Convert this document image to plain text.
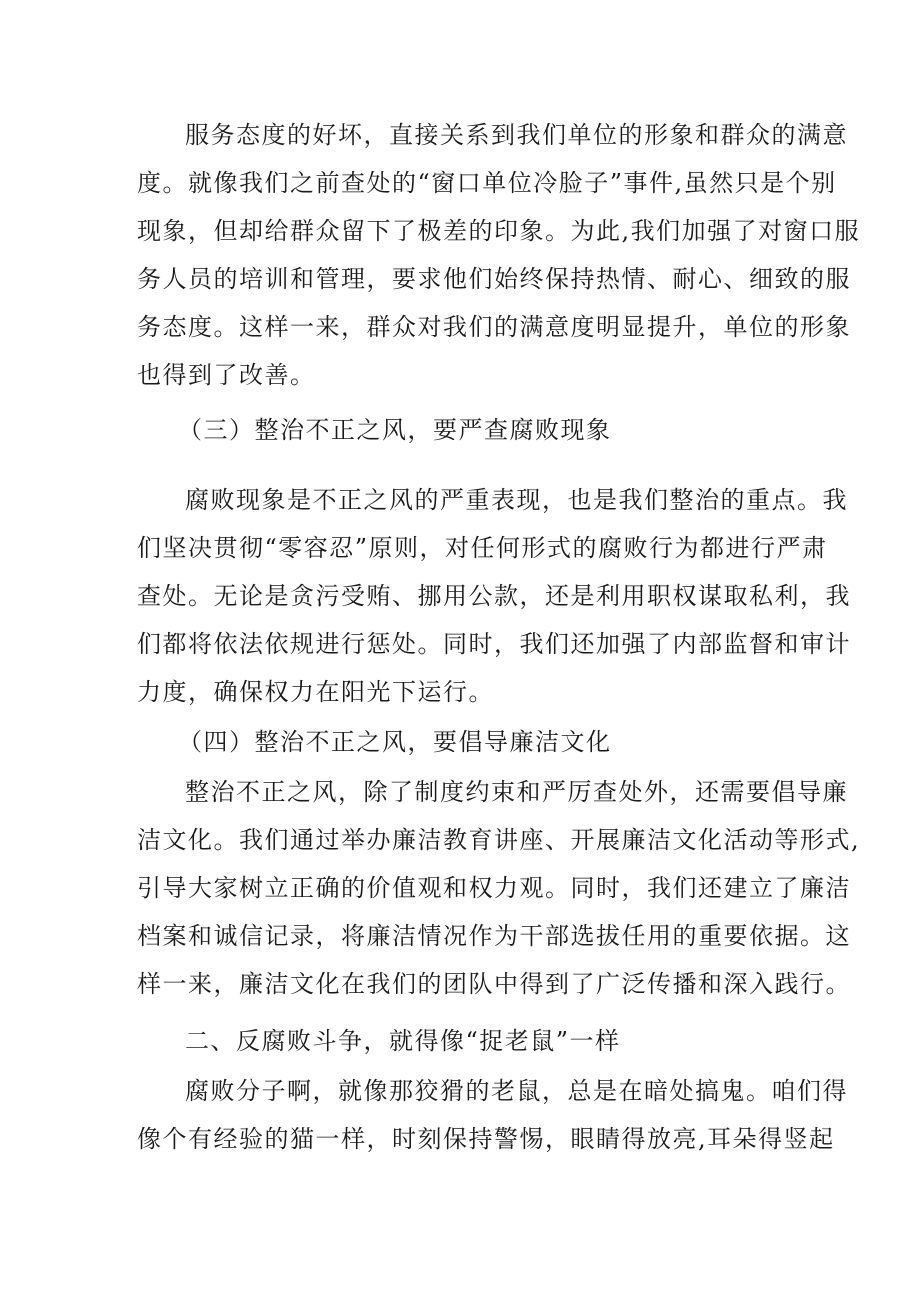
服务态度的好坏，直接关系到我们单位的形象和群众的满意
度。就像我们之前查处的“窗口单位冷脸子”事件,虽然只是个别
现象，但却给群众留下了极差的印象。为此,我们加强了对窗口服
务人员的培训和管理，要求他们始终保持热情、耐心、细致的服
务态度。这样一来，群众对我们的满意度明显提升，单位的形象
也得到了改善。
（三）整治不正之风，要严查腐败现象
腐败现象是不正之风的严重表现，也是我们整治的重点。我
们坚决贯彻“零容忍”原则，对任何形式的腐败行为都进行严肃
查处。无论是贪污受贿、挪用公款，还是利用职权谋取私利，我
们都将依法依规进行惩处。同时，我们还加强了内部监督和审计
力度，确保权力在阳光下运行。
（四）整治不正之风，要倡导廉洁文化
整治不正之风，除了制度约束和严厉查处外，还需要倡导廉
洁文化。我们通过举办廉洁教育讲座、开展廉洁文化活动等形式,
引导大家树立正确的价值观和权力观。同时，我们还建立了廉洁
档案和诚信记录，将廉洁情况作为干部选拔任用的重要依据。这
样一来，廉洁文化在我们的团队中得到了广泛传播和深入践行。
二、反腐败斗争，就得像“捉老鼠”一样
腐败分子啊，就像那狡猾的老鼠，总是在暗处搞鬼。咱们得
像个有经验的猫一样，时刻保持警惕，眼睛得放亮,耳朵得竖起
